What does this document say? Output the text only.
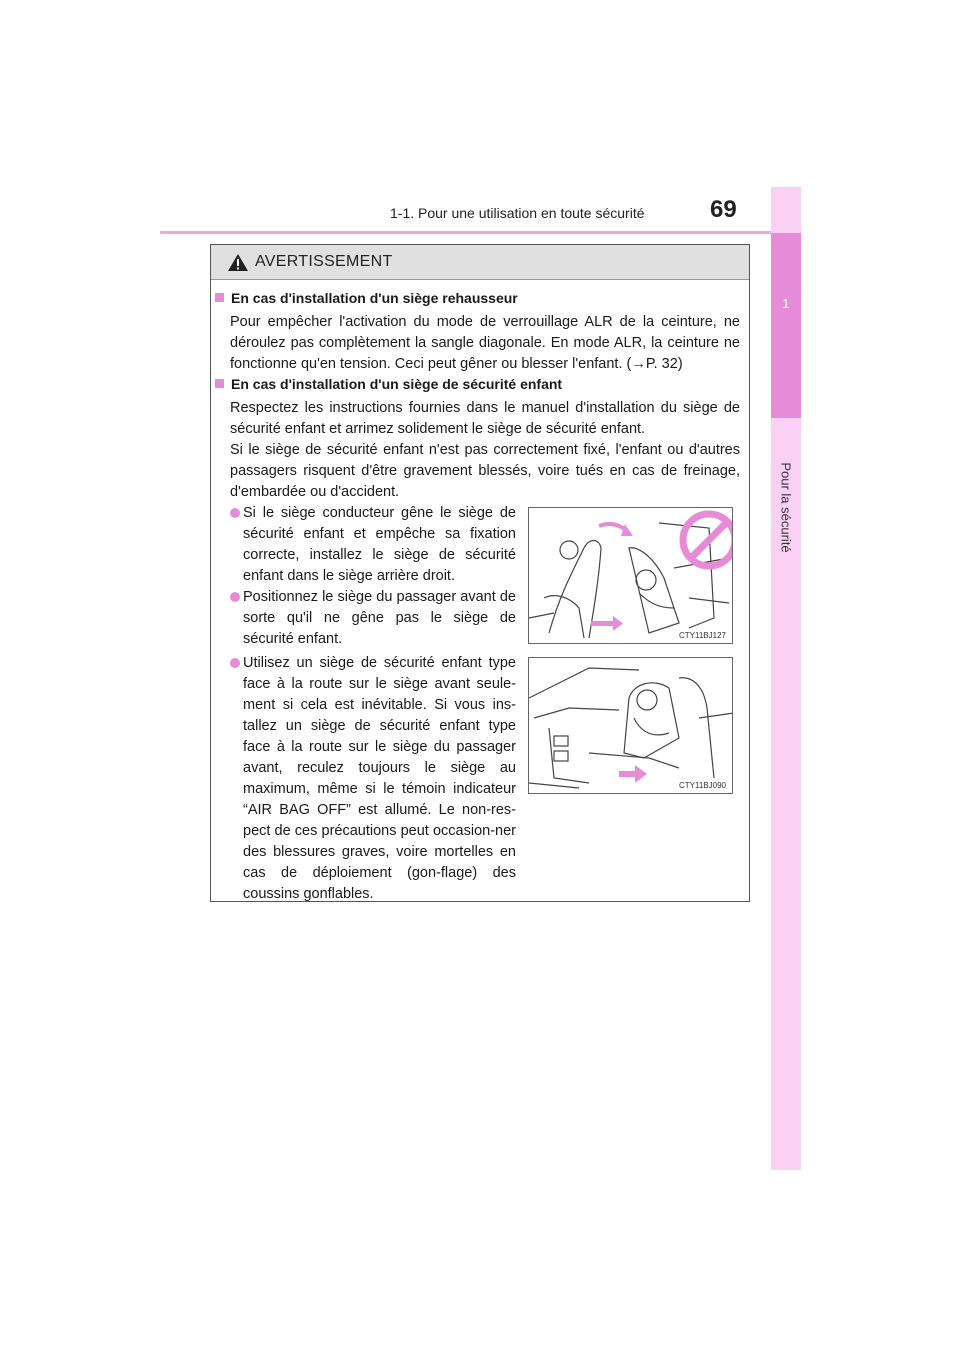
1-1. Pour une utilisation en toute sécurité	69
1
Pour la sécurité
AVERTISSEMENT
En cas d'installation d'un siège rehausseur
Pour empêcher l'activation du mode de verrouillage ALR de la ceinture, ne déroulez pas complètement la sangle diagonale. En mode ALR, la ceinture ne fonctionne qu'en tension. Ceci peut gêner ou blesser l'enfant. (→P. 32)
En cas d'installation d'un siège de sécurité enfant
Respectez les instructions fournies dans le manuel d'installation du siège de sécurité enfant et arrimez solidement le siège de sécurité enfant.
Si le siège de sécurité enfant n'est pas correctement fixé, l'enfant ou d'autres passagers risquent d'être gravement blessés, voire tués en cas de freinage, d'embardée ou d'accident.
Si le siège conducteur gêne le siège de sécurité enfant et empêche sa fixation correcte, installez le siège de sécurité enfant dans le siège arrière droit.
Positionnez le siège du passager avant de sorte qu'il ne gêne pas le siège de sécurité enfant.
Utilisez un siège de sécurité enfant type face à la route sur le siège avant seule-ment si cela est inévitable. Si vous ins-tallez un siège de sécurité enfant type face à la route sur le siège du passager avant, reculez toujours le siège au maximum, même si le témoin indicateur “AIR BAG OFF” est allumé. Le non-res-pect de ces précautions peut occasion-ner des blessures graves, voire mortelles en cas de déploiement (gon-flage) des coussins gonflables.
CTY11BJ127
CTY11BJ090
